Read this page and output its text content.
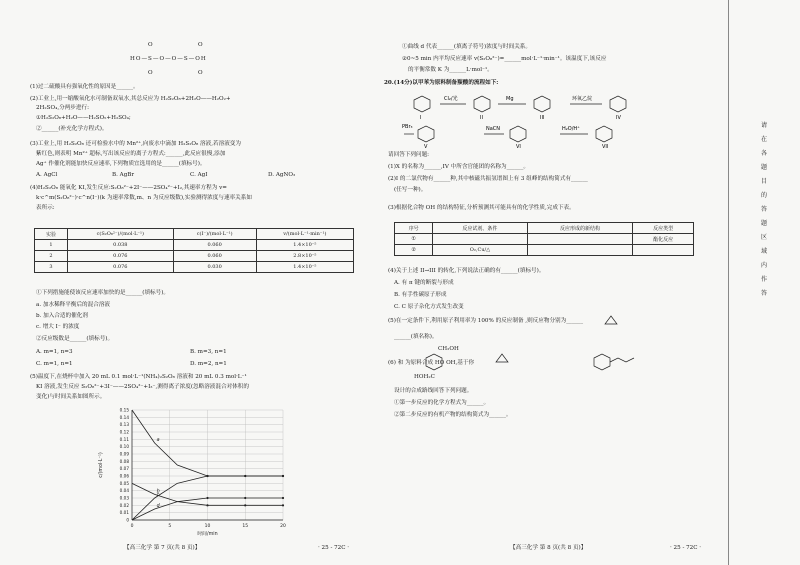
O	O
HO—S—O—O—S—OH
O	O
(1)过二硫酸具有强氧化性的原因是______。
(2)工业上,用一缩酸氧化水可制备双氧水,其总反应为 H₂S₂O₈+2H₂O——H₂O₂+
2H₂SO₄,分两步进行:
①H₂S₂O₈+H₂O——H₂SO₅+H₂SO₄;
②______(补充化学方程式)。
(3)工业上,用 H₂S₂O₈ 还可检验水中的 Mn²⁺,向废水中滴加 H₂S₂O₈ 溶液,若溶液变为
紫红色,则表明 Mn²⁺ 超标,写出该反应的离子方程式:______,此反应很慢,添加
Ag⁺ 作催化剂能加快反应速率,下列物质宜选用的是______(填标号)。
A. AgCl	B. AgBr	C. AgI	D. AgNO₃
(4)H₂S₂O₈ 能氧化 KI,发生反应:S₂O₈²⁻+2I⁻——2SO₄²⁻+I₂,其速率方程为 v=
k·c^m(S₂O₈²⁻)·c^n(I⁻)(k 为速率常数,m、n 为反应级数),实验测得浓度与速率关系如
表所示:
实验	c(S₂O₈²⁻)/(mol·L⁻¹)	c(I⁻)/(mol·L⁻¹)	v/(mol·L⁻¹·min⁻¹)
1	0.038	0.060	1.4×10⁻⁵
2	0.076	0.060	2.8×10⁻⁵
3	0.076	0.030	1.4×10⁻⁵
①下列措施能使该反应速率加快的是______(填标号)。
a. 加水稀释平衡后的混合溶液
b. 加入合适的催化剂
c. 增大 I⁻ 的浓度
②反应级数是______(填标号)。
A. m=1, n=3	B. m=3, n=1
C. m=1, n=1	D. m=2, n=1
(5)温度下,在烧杯中加入 20 mL 0.1 mol·L⁻¹(NH₄)₂S₂O₈ 溶液和 20 mL 0.3 mol·L⁻¹
KI 溶液,发生反应 S₂O₈²⁻+3I⁻——2SO₄²⁻+I₃⁻,测得离子浓度(忽略溶液混合对体积的
变化)与时间关系如图所示。
0
0.01
0.02
0.03
0.04
0.05
0.06
0.07
0.08
0.09
0.10
0.11
0.12
0.13
0.14
0.15
0	5	10	15	20
时间/min
c/(mol·L⁻¹)
a
b
c
d
【高三化学 第 7 页(共 8 页)】	· 25 - 72C ·
①曲线 d 代表______(填离子符号)浓度与时间关系。
②0~5 min 内平均反应速率 v(S₂O₈²⁻)=______mol·L⁻¹·min⁻¹。该温度下,该反应
的平衡常数 K 为______L·mol⁻¹。
20.(14分)以甲苯为原料制备羰酸的流程如下:
Cl₂/光	Mg	环氧乙烷
PBr₃	NaCN	H₂O/H⁺
I	II	III	IV
V	VI	VII
请回答下列问题:
(1)X 的名称为______,IV 中所含官能团的名称为______。
(2)I 的二氯代物有______种,其中核磁共振氢谱图上有 3 组峰的结构简式有______
(任写一种)。
(3)根据化合物 OH 的结构特征,分析预测其可能具有的化学性质,完成下表。
序号	反应试剂、条件	反应形成的新结构	反应类型
①			酯化反应
②	O₂,Cu/△		
(4)关于上述 II→III 的转化,下列说法正确的有______(填标号)。
A. 有 π 键的断裂与形成
B. 有手性碳原子形成
C. C 原子杂化方式发生改变
(5)在一定条件下,利用原子利用率为 100% 的反应制备 ,则反应物分别为______
______(填名称)。
CH₂OH
(6) 和 为原料合成 HO OH,基于你
HOH₂C
设计的合成路线回答下列问题。
①第一步反应的化学方程式为______。
②第二步反应的有机产物的结构简式为______。
【高三化学 第 8 页(共 8 页)】	· 25 - 72C ·
请
在
各
题
目
的
答
题
区
域
内
作
答
